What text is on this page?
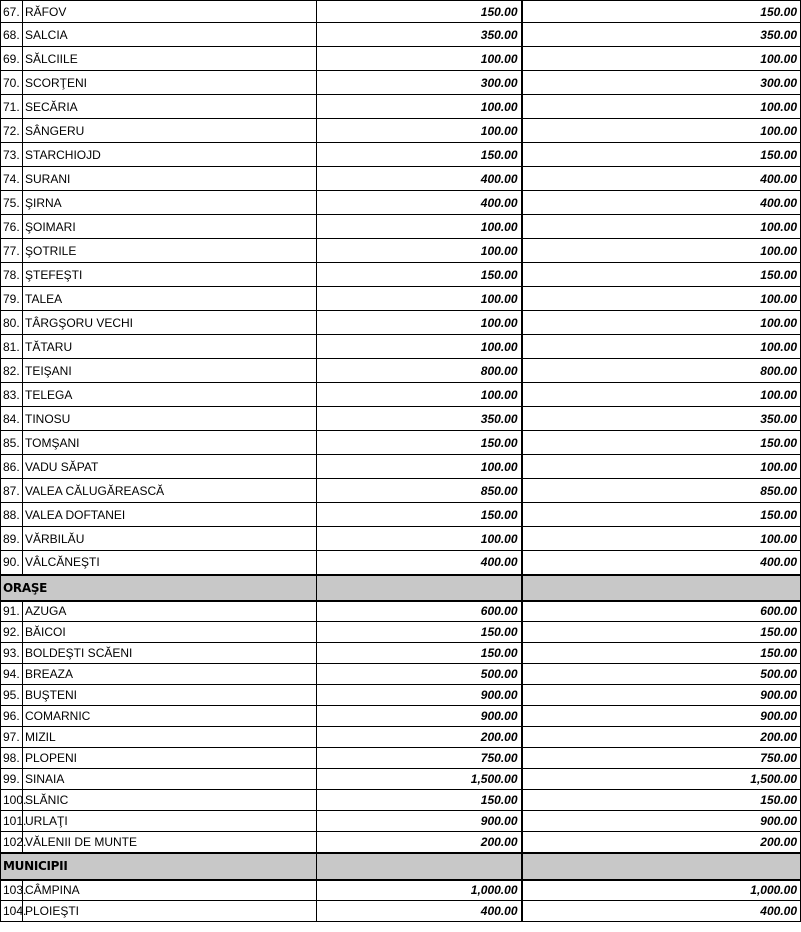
67.	RĂFOV	150.00	150.00
68.	SALCIA	350.00	350.00
69.	SĂLCIILE	100.00	100.00
70.	SCORŢENI	300.00	300.00
71.	SECĂRIA	100.00	100.00
72.	SÂNGERU	100.00	100.00
73.	STARCHIOJD	150.00	150.00
74.	SURANI	400.00	400.00
75.	ŞIRNA	400.00	400.00
76.	ŞOIMARI	100.00	100.00
77.	ŞOTRILE	100.00	100.00
78.	ŞTEFEŞTI	150.00	150.00
79.	TALEA	100.00	100.00
80.	TÂRGŞORU VECHI	100.00	100.00
81.	TĂTARU	100.00	100.00
82.	TEIŞANI	800.00	800.00
83.	TELEGA	100.00	100.00
84.	TINOSU	350.00	350.00
85.	TOMŞANI	150.00	150.00
86.	VADU SĂPAT	100.00	100.00
87.	VALEA CĂLUGĂREASCĂ	850.00	850.00
88.	VALEA DOFTANEI	150.00	150.00
89.	VĂRBILĂU	100.00	100.00
90.	VÂLCĂNEŞTI	400.00	400.00
ORAŞE			
91.	AZUGA	600.00	600.00
92.	BĂICOI	150.00	150.00
93.	BOLDEŞTI SCĂENI	150.00	150.00
94.	BREAZA	500.00	500.00
95.	BUŞTENI	900.00	900.00
96.	COMARNIC	900.00	900.00
97.	MIZIL	200.00	200.00
98.	PLOPENI	750.00	750.00
99.	SINAIA	1,500.00	1,500.00
100.	SLĂNIC	150.00	150.00
101.	URLAŢI	900.00	900.00
102.	VĂLENII DE MUNTE	200.00	200.00
MUNICIPII			
103.	CÂMPINA	1,000.00	1,000.00
104.	PLOIEŞTI	400.00	400.00
